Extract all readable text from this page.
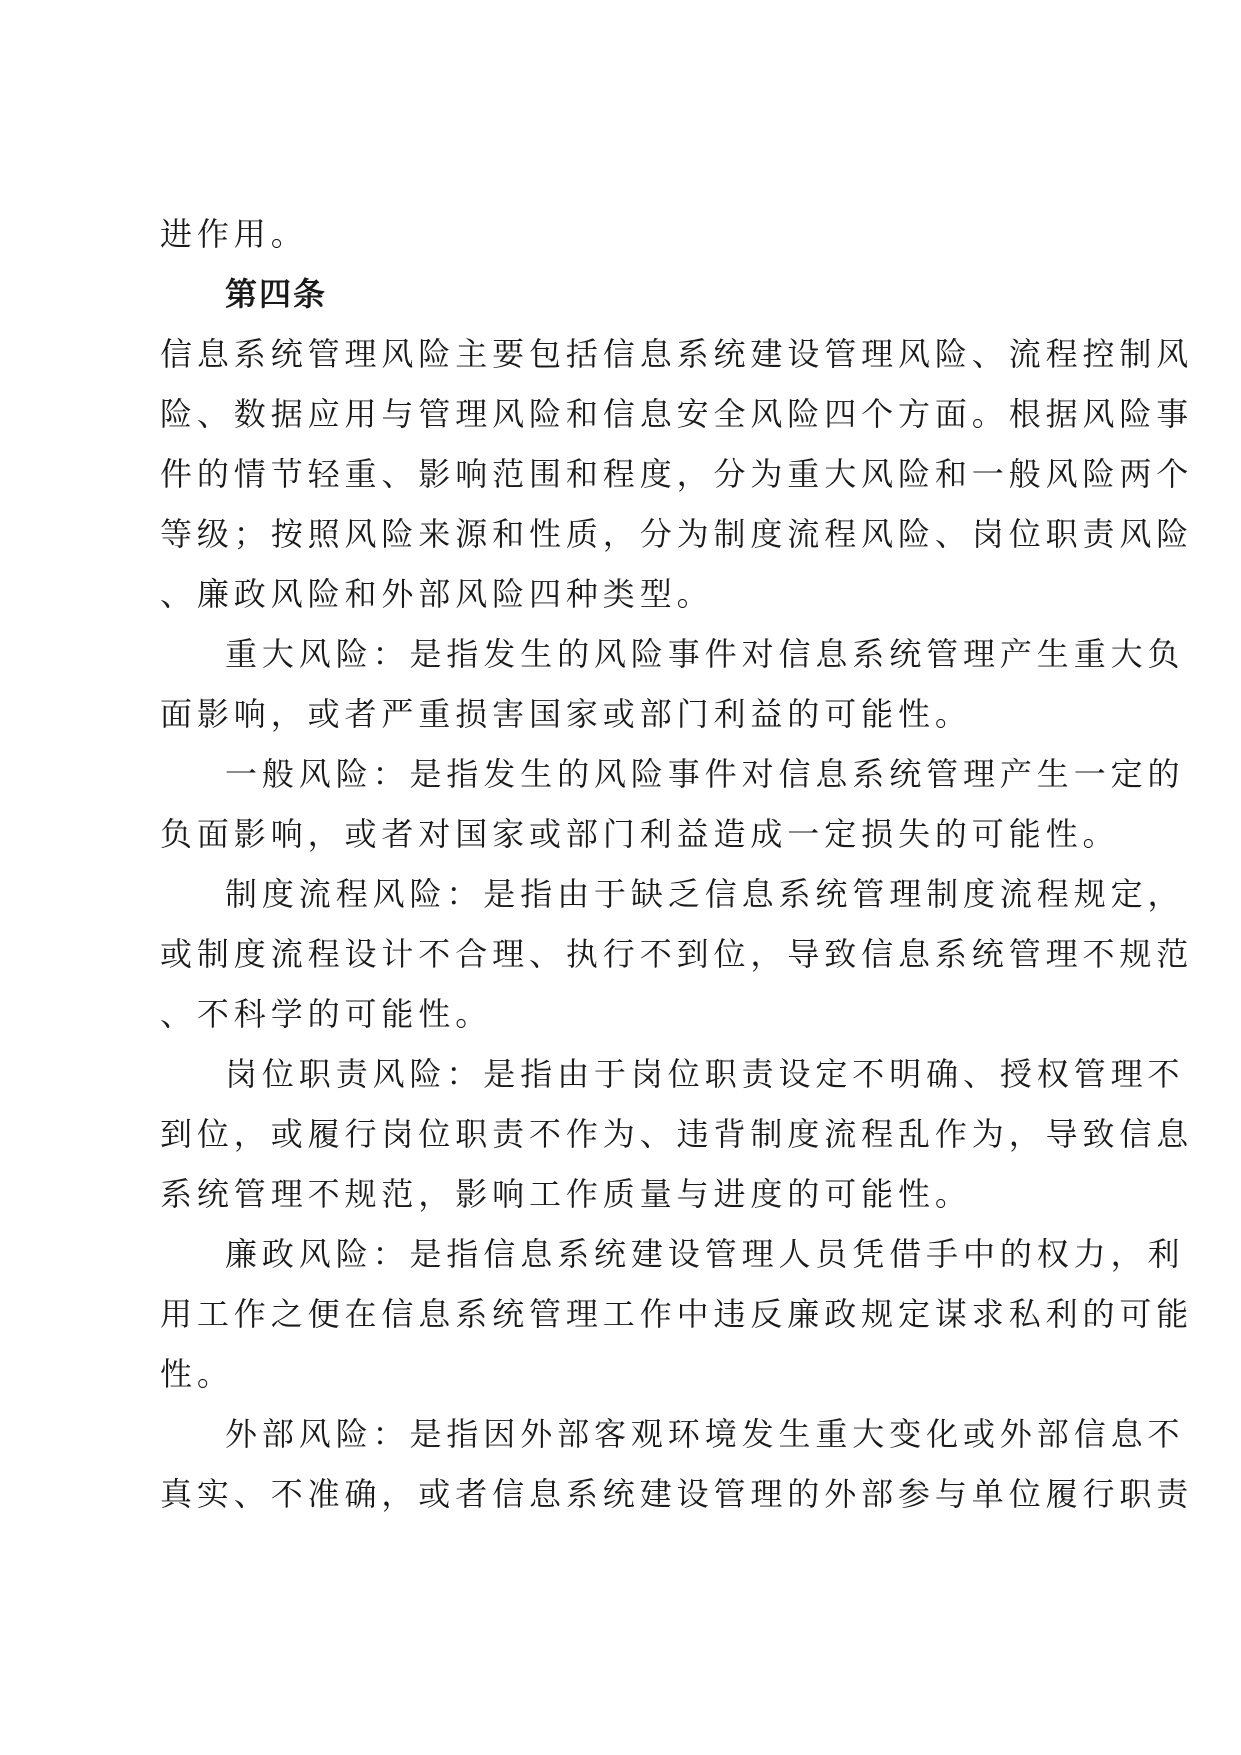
进作用。
第四条
信息系统管理风险主要包括信息系统建设管理风险、流程控制风
险、数据应用与管理风险和信息安全风险四个方面。根据风险事
件的情节轻重、影响范围和程度，分为重大风险和一般风险两个
等级；按照风险来源和性质，分为制度流程风险、岗位职责风险
、廉政风险和外部风险四种类型。
重大风险：是指发生的风险事件对信息系统管理产生重大负
面影响，或者严重损害国家或部门利益的可能性。
一般风险：是指发生的风险事件对信息系统管理产生一定的
负面影响，或者对国家或部门利益造成一定损失的可能性。
制度流程风险：是指由于缺乏信息系统管理制度流程规定，
或制度流程设计不合理、执行不到位，导致信息系统管理不规范
、不科学的可能性。
岗位职责风险：是指由于岗位职责设定不明确、授权管理不
到位，或履行岗位职责不作为、违背制度流程乱作为，导致信息
系统管理不规范，影响工作质量与进度的可能性。
廉政风险：是指信息系统建设管理人员凭借手中的权力，利
用工作之便在信息系统管理工作中违反廉政规定谋求私利的可能
性。
外部风险：是指因外部客观环境发生重大变化或外部信息不
真实、不准确，或者信息系统建设管理的外部参与单位履行职责
